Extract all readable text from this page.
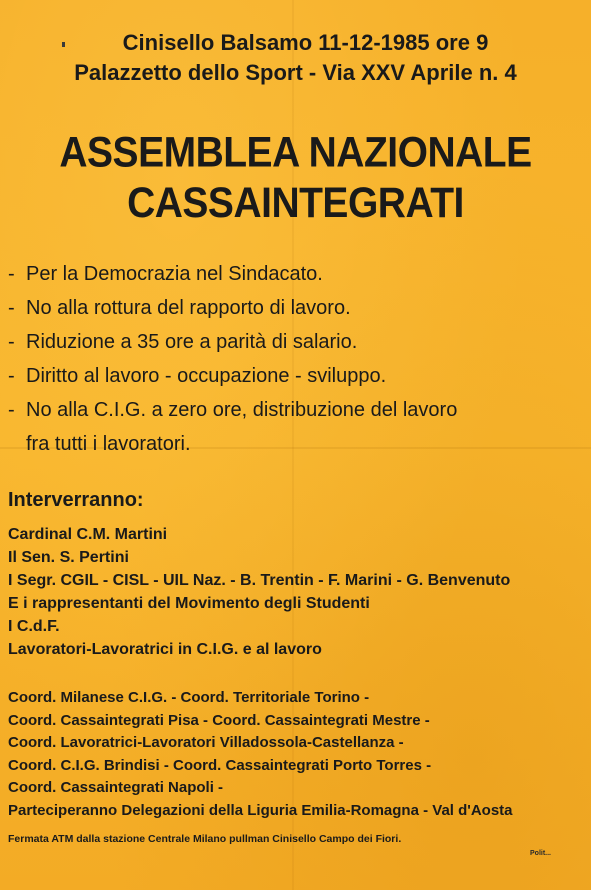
Cinisello Balsamo 11-12-1985 ore 9
Palazzetto dello Sport - Via XXV Aprile n. 4
ASSEMBLEA NAZIONALE
CASSAINTEGRATI
- Per la Democrazia nel Sindacato.
- No alla rottura del rapporto di lavoro.
- Riduzione a 35 ore a parità di salario.
- Diritto al lavoro - occupazione - sviluppo.
- No alla C.I.G. a zero ore, distribuzione del lavoro
fra tutti i lavoratori.
Interverranno:
Cardinal C.M. Martini
Il Sen. S. Pertini
I Segr. CGIL - CISL - UIL Naz. - B. Trentin - F. Marini - G. Benvenuto
E i rappresentanti del Movimento degli Studenti
I C.d.F.
Lavoratori-Lavoratrici in C.I.G. e al lavoro
Coord. Milanese C.I.G. - Coord. Territoriale Torino -
Coord. Cassaintegrati Pisa - Coord. Cassaintegrati Mestre -
Coord. Lavoratrici-Lavoratori Villadossola-Castellanza -
Coord. C.I.G. Brindisi - Coord. Cassaintegrati Porto Torres -
Coord. Cassaintegrati Napoli -
Parteciperanno Delegazioni della Liguria Emilia-Romagna - Val d'Aosta
Fermata ATM dalla stazione Centrale Milano pullman Cinisello Campo dei Fiori.
Polit...
